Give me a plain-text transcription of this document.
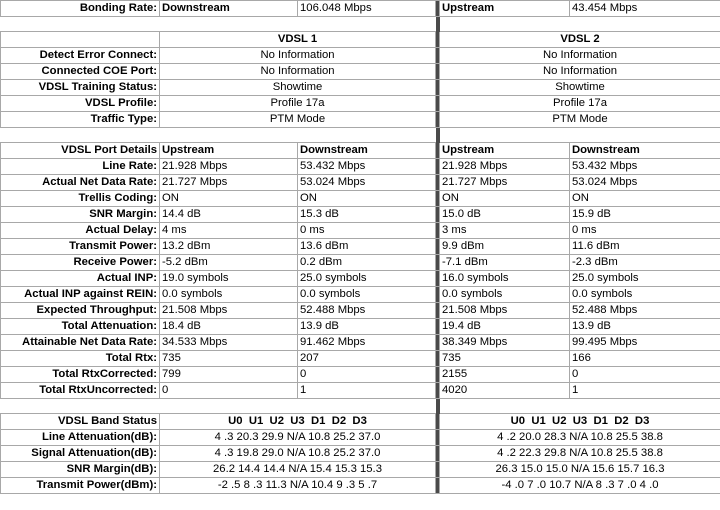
Bonding Rate:	Downstream	106.048 Mbps		Upstream	43.454 Mbps

	VDSL 1			VDSL 2	
Detect Error Connect:	No Information			No Information	
Connected COE Port:	No Information			No Information	
VDSL Training Status:	Showtime			Showtime	
VDSL Profile:	Profile 17a			Profile 17a	
Traffic Type:	PTM Mode			PTM Mode	

VDSL Port Details	Upstream	Downstream		Upstream	Downstream
Line Rate:	21.928 Mbps	53.432 Mbps		21.928 Mbps	53.432 Mbps
Actual Net Data Rate:	21.727 Mbps	53.024 Mbps		21.727 Mbps	53.024 Mbps
Trellis Coding:	ON	ON		ON	ON
SNR Margin:	14.4 dB	15.3 dB		15.0 dB	15.9 dB
Actual Delay:	4 ms	0 ms		3 ms	0 ms
Transmit Power:	13.2 dBm	13.6 dBm		9.9 dBm	11.6 dBm
Receive Power:	-5.2 dBm	0.2 dBm		-7.1 dBm	-2.3 dBm
Actual INP:	19.0 symbols	25.0 symbols		16.0 symbols	25.0 symbols
Actual INP against REIN:	0.0 symbols	0.0 symbols		0.0 symbols	0.0 symbols
Expected Throughput:	21.508 Mbps	52.488 Mbps		21.508 Mbps	52.488 Mbps
Total Attenuation:	18.4 dB	13.9 dB		19.4 dB	13.9 dB
Attainable Net Data Rate:	34.533 Mbps	91.462 Mbps		38.349 Mbps	99.495 Mbps
Total Rtx:	735	207		735	166
Total RtxCorrected:	799	0		2155	0
Total RtxUncorrected:	0	1		4020	1

VDSL Band Status	U0  U1  U2  U3  D1  D2  D3			U0  U1  U2  U3  D1  D2  D3	
Line Attenuation(dB):	4 .3 20.3 29.9 N/A 10.8 25.2 37.0			4 .2 20.0 28.3 N/A 10.8 25.5 38.8	
Signal Attenuation(dB):	4 .3 19.8 29.0 N/A 10.8 25.2 37.0			4 .2 22.3 29.8 N/A 10.8 25.5 38.8	
SNR Margin(dB):	26.2 14.4 14.4 N/A 15.4 15.3 15.3			26.3 15.0 15.0 N/A 15.6 15.7 16.3	
Transmit Power(dBm):	-2 .5 8 .3 11.3 N/A 10.4 9 .3 5 .7			-4 .0 7 .0 10.7 N/A 8 .3 7 .0 4 .0	
